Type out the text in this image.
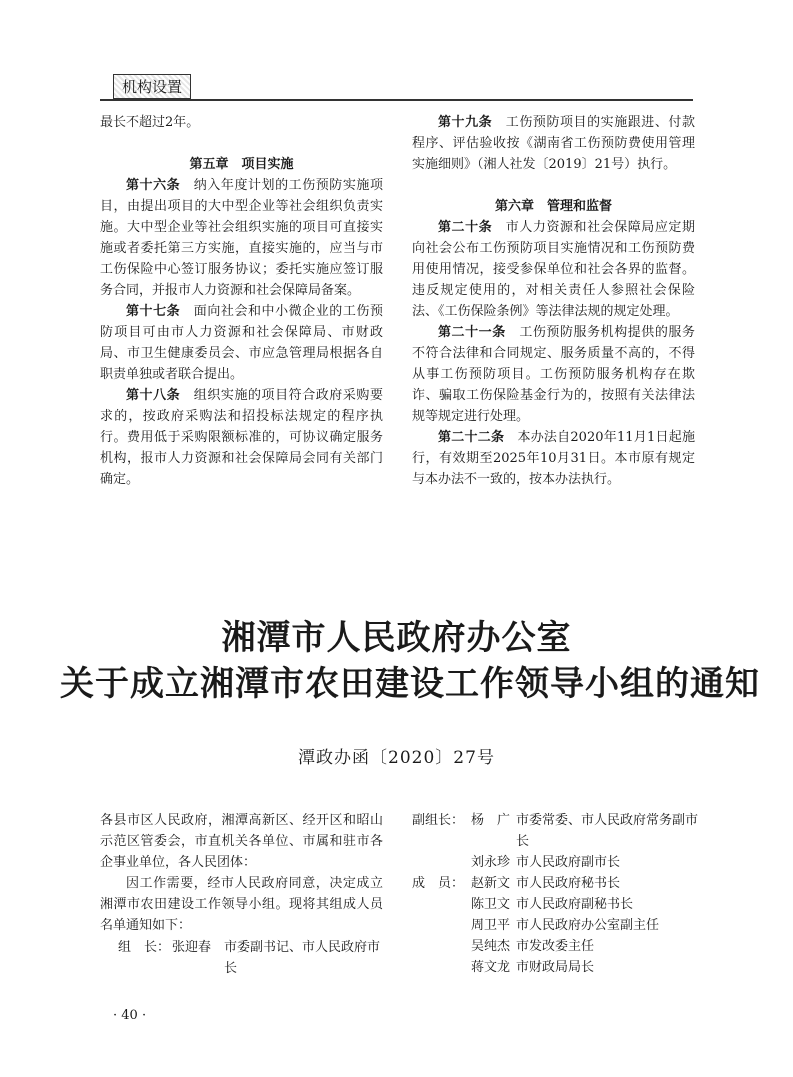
机构设置

最长不超过2年。

第五章　项目实施

第十六条　 纳入年度计划的工伤预防实施项目，由提出项目的大中型企业等社会组织负责实施。大中型企业等社会组织实施的项目可直接实施或者委托第三方实施，直接实施的，应当与市工伤保险中心签订服务协议；委托实施应签订服务合同，并报市人力资源和社会保障局备案。

第十七条　 面向社会和中小微企业的工伤预防项目可由市人力资源和社会保障局、市财政局、市卫生健康委员会、市应急管理局根据各自职责单独或者联合提出。

第十八条　 组织实施的项目符合政府采购要求的，按政府采购法和招投标法规定的程序执行。费用低于采购限额标准的，可协议确定服务机构，报市人力资源和社会保障局会同有关部门确定。

第十九条　 工伤预防项目的实施跟进、付款程序、评估验收按《湖南省工伤预防费使用管理实施细则》（湘人社发〔2019〕21号）执行。

第六章　管理和监督

第二十条　 市人力资源和社会保障局应定期向社会公布工伤预防项目实施情况和工伤预防费用使用情况，接受参保单位和社会各界的监督。违反规定使用的，对相关责任人参照社会保险法、《工伤保险条例》等法律法规的规定处理。

第二十一条　 工伤预防服务机构提供的服务不符合法律和合同规定、服务质量不高的，不得从事工伤预防项目。工伤预防服务机构存在欺诈、骗取工伤保险基金行为的，按照有关法律法规等规定进行处理。

第二十二条　 本办法自2020年11月1日起施行，有效期至2025年10月31日。本市原有规定与本办法不一致的，按本办法执行。

湘潭市人民政府办公室
关于成立湘潭市农田建设工作领导小组的通知
潭政办函〔2020〕27号

各县市区人民政府，湘潭高新区、经开区和昭山示范区管委会，市直机关各单位、市属和驻市各企事业单位，各人民团体：

因工作需要，经市人民政府同意，决定成立湘潭市农田建设工作领导小组。现将其组成人员名单通知如下：

组　长： 张迎春 市委副书记、市人民政府市长
副组长： 杨　广 市委常委、市人民政府常务副市长
刘永珍 市人民政府副市长
成　员： 赵新文 市人民政府秘书长
陈卫文 市人民政府副秘书长
周卫平 市人民政府办公室副主任
吴纯杰 市发改委主任
蒋文龙 市财政局局长
· 40 ·
